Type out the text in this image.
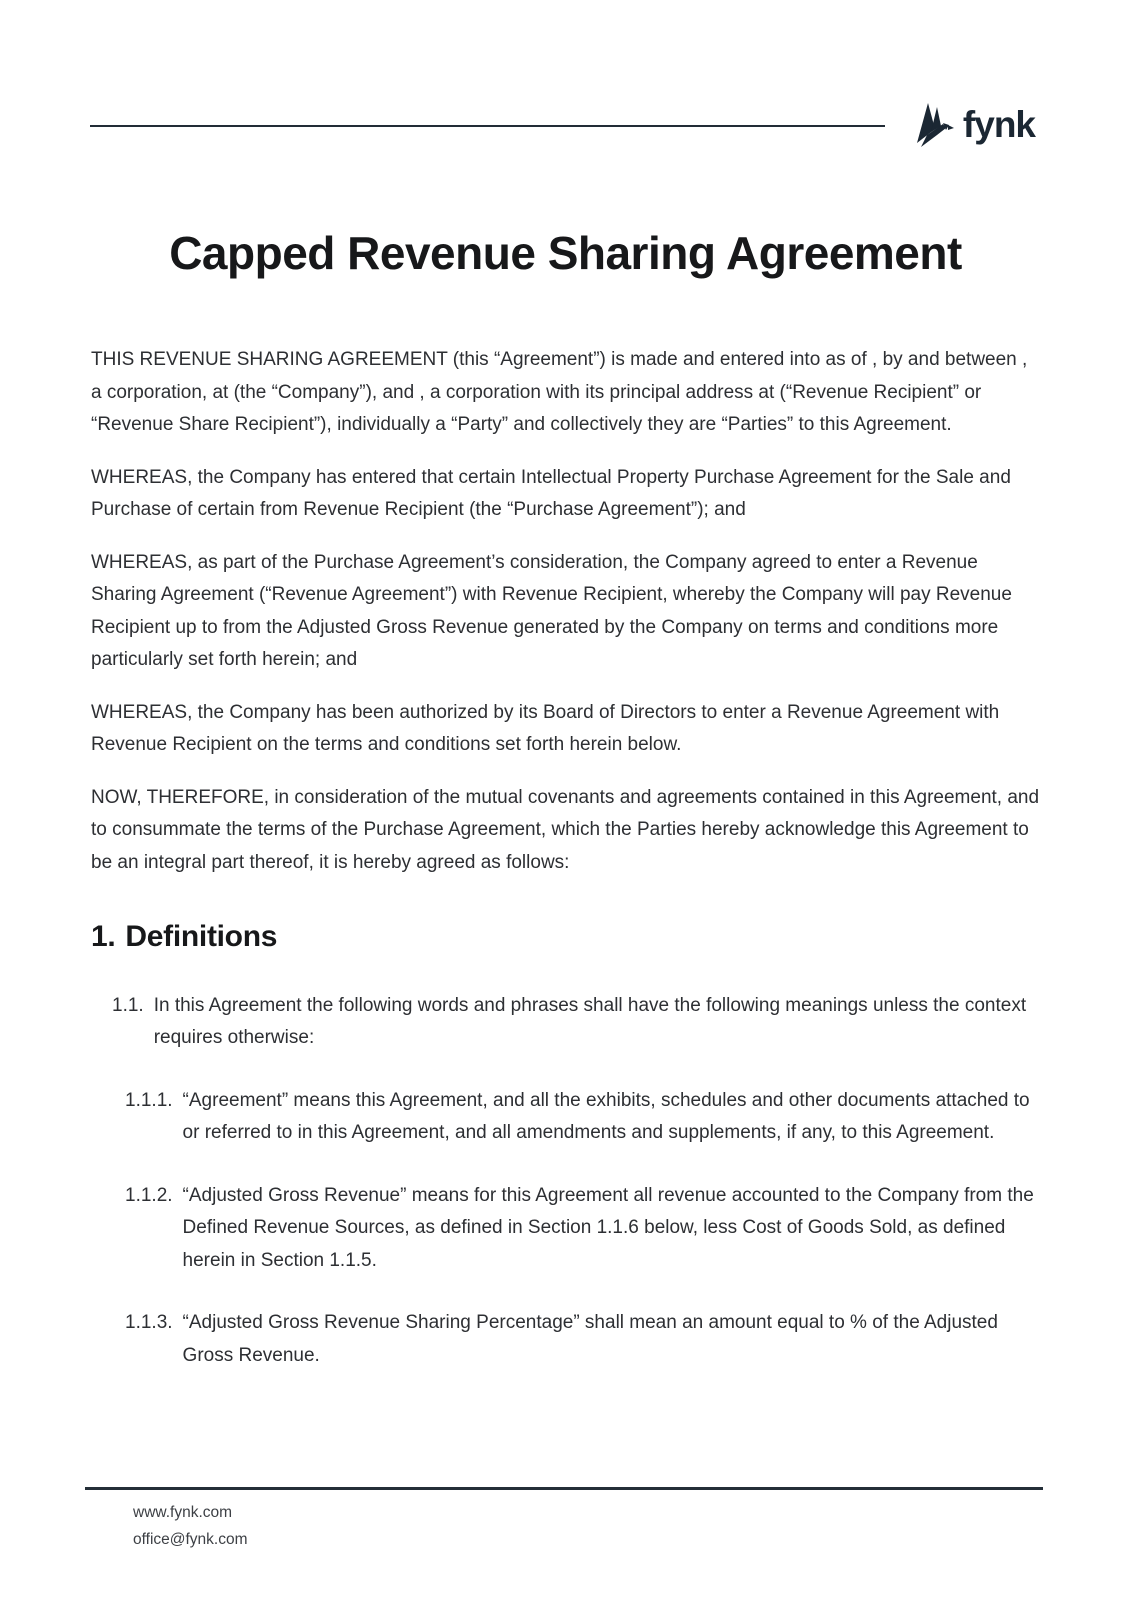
fynk
Capped Revenue Sharing Agreement

THIS REVENUE SHARING AGREEMENT (this “Agreement”) is made and entered into as of , by and between , a corporation, at (the “Company”), and , a corporation with its principal address at (“Revenue Recipient” or “Revenue Share Recipient”), individually a “Party” and collectively they are “Parties” to this Agreement.

WHEREAS, the Company has entered that certain Intellectual Property Purchase Agreement for the Sale and Purchase of certain from Revenue Recipient (the “Purchase Agreement”); and

WHEREAS, as part of the Purchase Agreement’s consideration, the Company agreed to enter a Revenue Sharing Agreement (“Revenue Agreement”) with Revenue Recipient, whereby the Company will pay Revenue Recipient up to from the Adjusted Gross Revenue generated by the Company on terms and conditions more particularly set forth herein; and

WHEREAS, the Company has been authorized by its Board of Directors to enter a Revenue Agreement with Revenue Recipient on the terms and conditions set forth herein below.

NOW, THEREFORE, in consideration of the mutual covenants and agreements contained in this Agreement, and to consummate the terms of the Purchase Agreement, which the Parties hereby acknowledge this Agreement to be an integral part thereof, it is hereby agreed as follows:

1. Definitions
1.1. In this Agreement the following words and phrases shall have the following meanings unless the context requires otherwise:
1.1.1. “Agreement” means this Agreement, and all the exhibits, schedules and other documents attached to or referred to in this Agreement, and all amendments and supplements, if any, to this Agreement.
1.1.2. “Adjusted Gross Revenue” means for this Agreement all revenue accounted to the Company from the Defined Revenue Sources, as defined in Section 1.1.6 below, less Cost of Goods Sold, as defined herein in Section 1.1.5.
1.1.3. “Adjusted Gross Revenue Sharing Percentage” shall mean an amount equal to % of the Adjusted Gross Revenue.
www.fynk.com
office@fynk.com
